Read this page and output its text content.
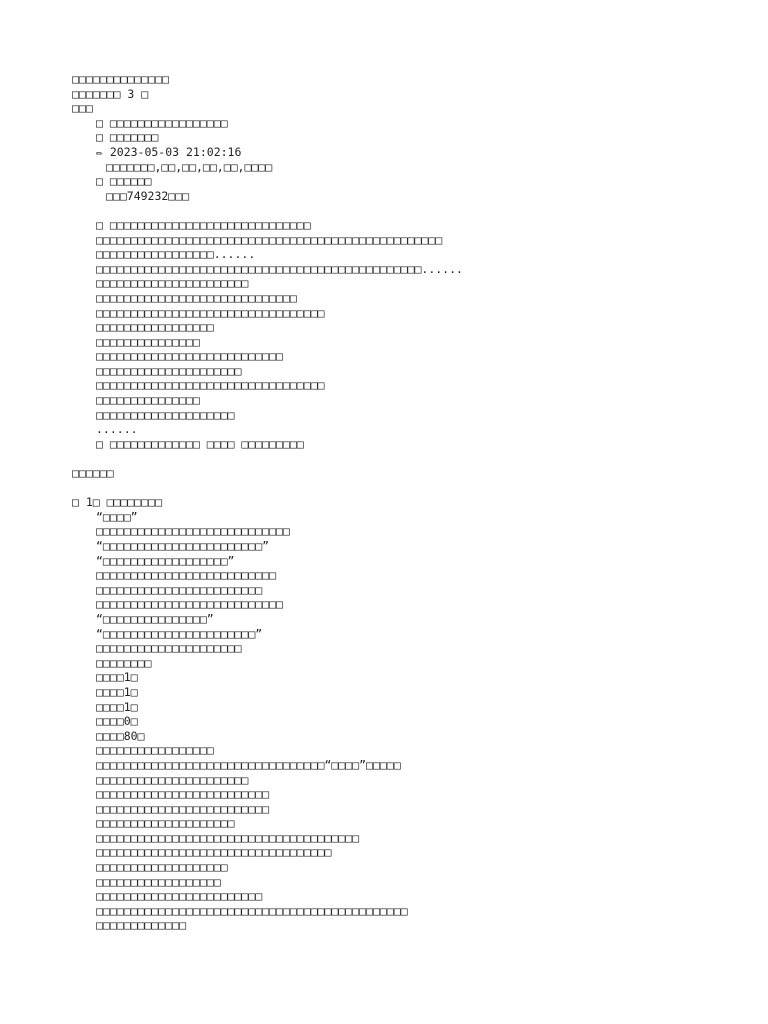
□□□□□□□□□□□□□□
□□□□□□□ 3 □
□□□
□ □□□□□□□□□□□□□□□□□
□ □□□□□□□
✏ 2023-05-03 21:02:16
□□□□□□□,□□,□□,□□,□□,□□□□
□ □□□□□□
□□□749232□□□
□ □□□□□□□□□□□□□□□□□□□□□□□□□□□□□
□□□□□□□□□□□□□□□□□□□□□□□□□□□□□□□□□□□□□□□□□□□□□□□□□□
□□□□□□□□□□□□□□□□□......
□□□□□□□□□□□□□□□□□□□□□□□□□□□□□□□□□□□□□□□□□□□□□□□......
□□□□□□□□□□□□□□□□□□□□□□
□□□□□□□□□□□□□□□□□□□□□□□□□□□□□
□□□□□□□□□□□□□□□□□□□□□□□□□□□□□□□□□
□□□□□□□□□□□□□□□□□
□□□□□□□□□□□□□□□
□□□□□□□□□□□□□□□□□□□□□□□□□□□
□□□□□□□□□□□□□□□□□□□□□
□□□□□□□□□□□□□□□□□□□□□□□□□□□□□□□□□
□□□□□□□□□□□□□□□
□□□□□□□□□□□□□□□□□□□□
......
□ □□□□□□□□□□□□□ □□□□ □□□□□□□□□
□□□□□□
□ 1□ □□□□□□□□
“□□□□”
□□□□□□□□□□□□□□□□□□□□□□□□□□□□
“□□□□□□□□□□□□□□□□□□□□□□□”
“□□□□□□□□□□□□□□□□□□”
□□□□□□□□□□□□□□□□□□□□□□□□□□
□□□□□□□□□□□□□□□□□□□□□□□□
□□□□□□□□□□□□□□□□□□□□□□□□□□□
“□□□□□□□□□□□□□□□”
“□□□□□□□□□□□□□□□□□□□□□□”
□□□□□□□□□□□□□□□□□□□□□
□□□□□□□□
□□□□1□
□□□□1□
□□□□1□
□□□□0□
□□□□80□
□□□□□□□□□□□□□□□□□
□□□□□□□□□□□□□□□□□□□□□□□□□□□□□□□□□“□□□□”□□□□□
□□□□□□□□□□□□□□□□□□□□□□
□□□□□□□□□□□□□□□□□□□□□□□□□
□□□□□□□□□□□□□□□□□□□□□□□□□
□□□□□□□□□□□□□□□□□□□□
□□□□□□□□□□□□□□□□□□□□□□□□□□□□□□□□□□□□□□
□□□□□□□□□□□□□□□□□□□□□□□□□□□□□□□□□□
□□□□□□□□□□□□□□□□□□□
□□□□□□□□□□□□□□□□□□
□□□□□□□□□□□□□□□□□□□□□□□□
□□□□□□□□□□□□□□□□□□□□□□□□□□□□□□□□□□□□□□□□□□□□□
□□□□□□□□□□□□□
